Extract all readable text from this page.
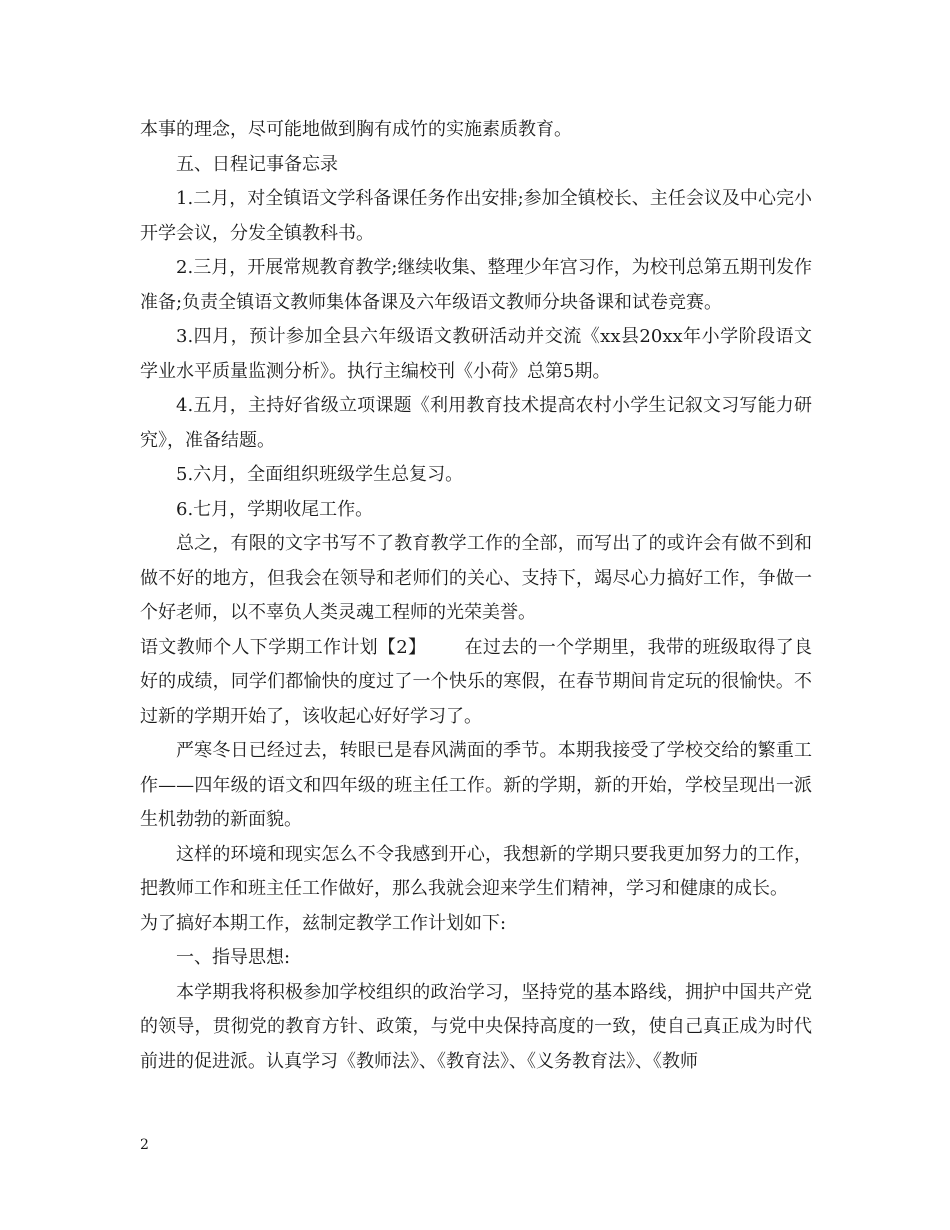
本事的理念，尽可能地做到胸有成竹的实施素质教育。

五、日程记事备忘录

1.二月，对全镇语文学科备课任务作出安排;参加全镇校长、主任会议及中心完小开学会议，分发全镇教科书。

2.三月，开展常规教育教学;继续收集、整理少年宫习作，为校刊总第五期刊发作准备;负责全镇语文教师集体备课及六年级语文教师分块备课和试卷竞赛。

3.四月，预计参加全县六年级语文教研活动并交流《xx县20xx年小学阶段语文学业水平质量监测分析》。执行主编校刊《小荷》总第5期。

4.五月，主持好省级立项课题《利用教育技术提高农村小学生记叙文习写能力研究》，准备结题。

5.六月，全面组织班级学生总复习。

6.七月，学期收尾工作。

总之，有限的文字书写不了教育教学工作的全部，而写出了的或许会有做不到和做不好的地方，但我会在领导和老师们的关心、支持下，竭尽心力搞好工作，争做一个好老师，以不辜负人类灵魂工程师的光荣美誉。

语文教师个人下学期工作计划【2】 在过去的一个学期里，我带的班级取得了良好的成绩，同学们都愉快的度过了一个快乐的寒假，在春节期间肯定玩的很愉快。不过新的学期开始了，该收起心好好学习了。

严寒冬日已经过去，转眼已是春风满面的季节。本期我接受了学校交给的繁重工作——四年级的语文和四年级的班主任工作。新的学期，新的开始，学校呈现出一派生机勃勃的新面貌。

这样的环境和现实怎么不令我感到开心，我想新的学期只要我更加努力的工作，把教师工作和班主任工作做好，那么我就会迎来学生们精神，学习和健康的成长。

为了搞好本期工作，兹制定教学工作计划如下:

一、指导思想:

本学期我将积极参加学校组织的政治学习，坚持党的基本路线，拥护中国共产党的领导，贯彻党的教育方针、政策，与党中央保持高度的一致，使自己真正成为时代前进的促进派。认真学习《教师法》、《教育法》、《义务教育法》、《教师

2
